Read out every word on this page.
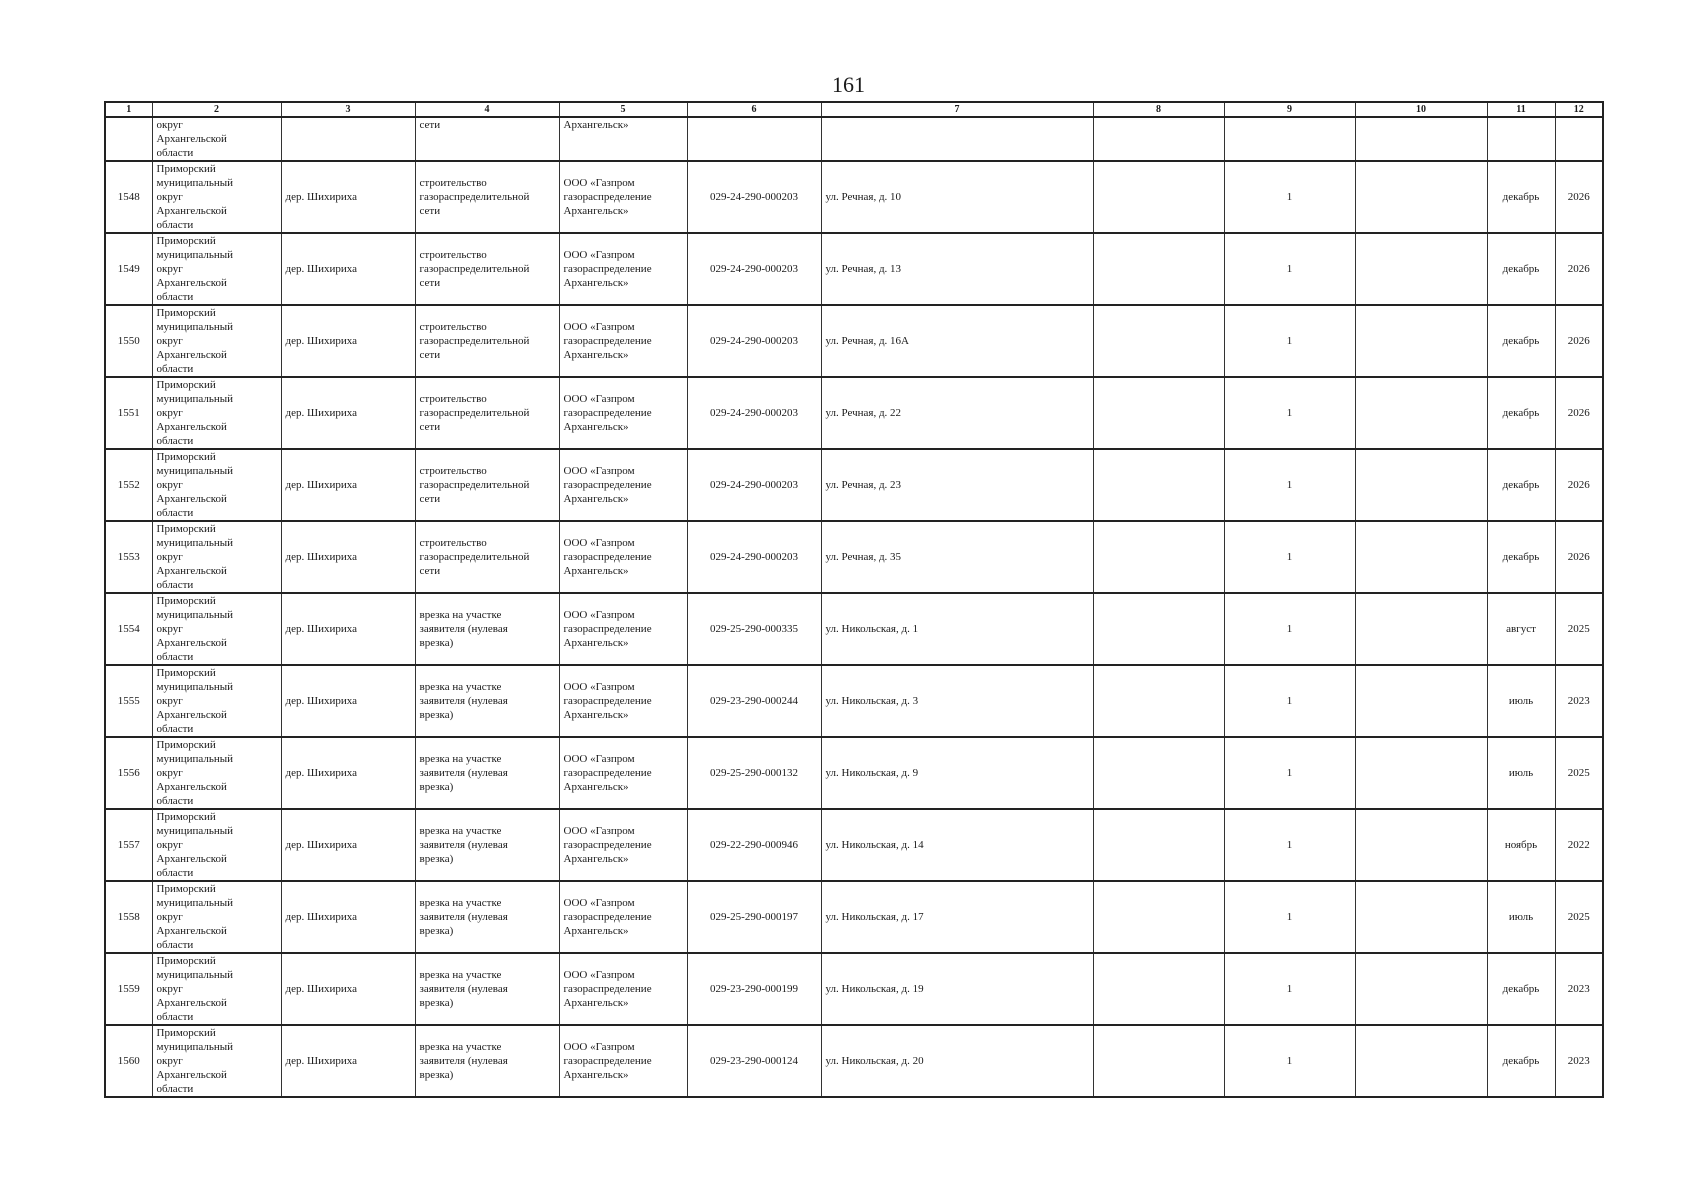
161
1	2	3	4	5	6	7	8	9	10	11	12
	округ
Архангельской
области		сети	Архангельск»							
1548	Приморский
муниципальный
округ
Архангельской
области	дер. Шихириха	строительство
газораспределительной
сети	ООО «Газпром
газораспределение
Архангельск»	029-24-290-000203	ул. Речная, д. 10		1		декабрь	2026
1549	Приморский
муниципальный
округ
Архангельской
области	дер. Шихириха	строительство
газораспределительной
сети	ООО «Газпром
газораспределение
Архангельск»	029-24-290-000203	ул. Речная, д. 13		1		декабрь	2026
1550	Приморский
муниципальный
округ
Архангельской
области	дер. Шихириха	строительство
газораспределительной
сети	ООО «Газпром
газораспределение
Архангельск»	029-24-290-000203	ул. Речная, д. 16А		1		декабрь	2026
1551	Приморский
муниципальный
округ
Архангельской
области	дер. Шихириха	строительство
газораспределительной
сети	ООО «Газпром
газораспределение
Архангельск»	029-24-290-000203	ул. Речная, д. 22		1		декабрь	2026
1552	Приморский
муниципальный
округ
Архангельской
области	дер. Шихириха	строительство
газораспределительной
сети	ООО «Газпром
газораспределение
Архангельск»	029-24-290-000203	ул. Речная, д. 23		1		декабрь	2026
1553	Приморский
муниципальный
округ
Архангельской
области	дер. Шихириха	строительство
газораспределительной
сети	ООО «Газпром
газораспределение
Архангельск»	029-24-290-000203	ул. Речная, д. 35		1		декабрь	2026
1554	Приморский
муниципальный
округ
Архангельской
области	дер. Шихириха	врезка на участке
заявителя (нулевая
врезка)	ООО «Газпром
газораспределение
Архангельск»	029-25-290-000335	ул. Никольская, д. 1		1		август	2025
1555	Приморский
муниципальный
округ
Архангельской
области	дер. Шихириха	врезка на участке
заявителя (нулевая
врезка)	ООО «Газпром
газораспределение
Архангельск»	029-23-290-000244	ул. Никольская, д. 3		1		июль	2023
1556	Приморский
муниципальный
округ
Архангельской
области	дер. Шихириха	врезка на участке
заявителя (нулевая
врезка)	ООО «Газпром
газораспределение
Архангельск»	029-25-290-000132	ул. Никольская, д. 9		1		июль	2025
1557	Приморский
муниципальный
округ
Архангельской
области	дер. Шихириха	врезка на участке
заявителя (нулевая
врезка)	ООО «Газпром
газораспределение
Архангельск»	029-22-290-000946	ул. Никольская, д. 14		1		ноябрь	2022
1558	Приморский
муниципальный
округ
Архангельской
области	дер. Шихириха	врезка на участке
заявителя (нулевая
врезка)	ООО «Газпром
газораспределение
Архангельск»	029-25-290-000197	ул. Никольская, д. 17		1		июль	2025
1559	Приморский
муниципальный
округ
Архангельской
области	дер. Шихириха	врезка на участке
заявителя (нулевая
врезка)	ООО «Газпром
газораспределение
Архангельск»	029-23-290-000199	ул. Никольская, д. 19		1		декабрь	2023
1560	Приморский
муниципальный
округ
Архангельской
области	дер. Шихириха	врезка на участке
заявителя (нулевая
врезка)	ООО «Газпром
газораспределение
Архангельск»	029-23-290-000124	ул. Никольская, д. 20		1		декабрь	2023
